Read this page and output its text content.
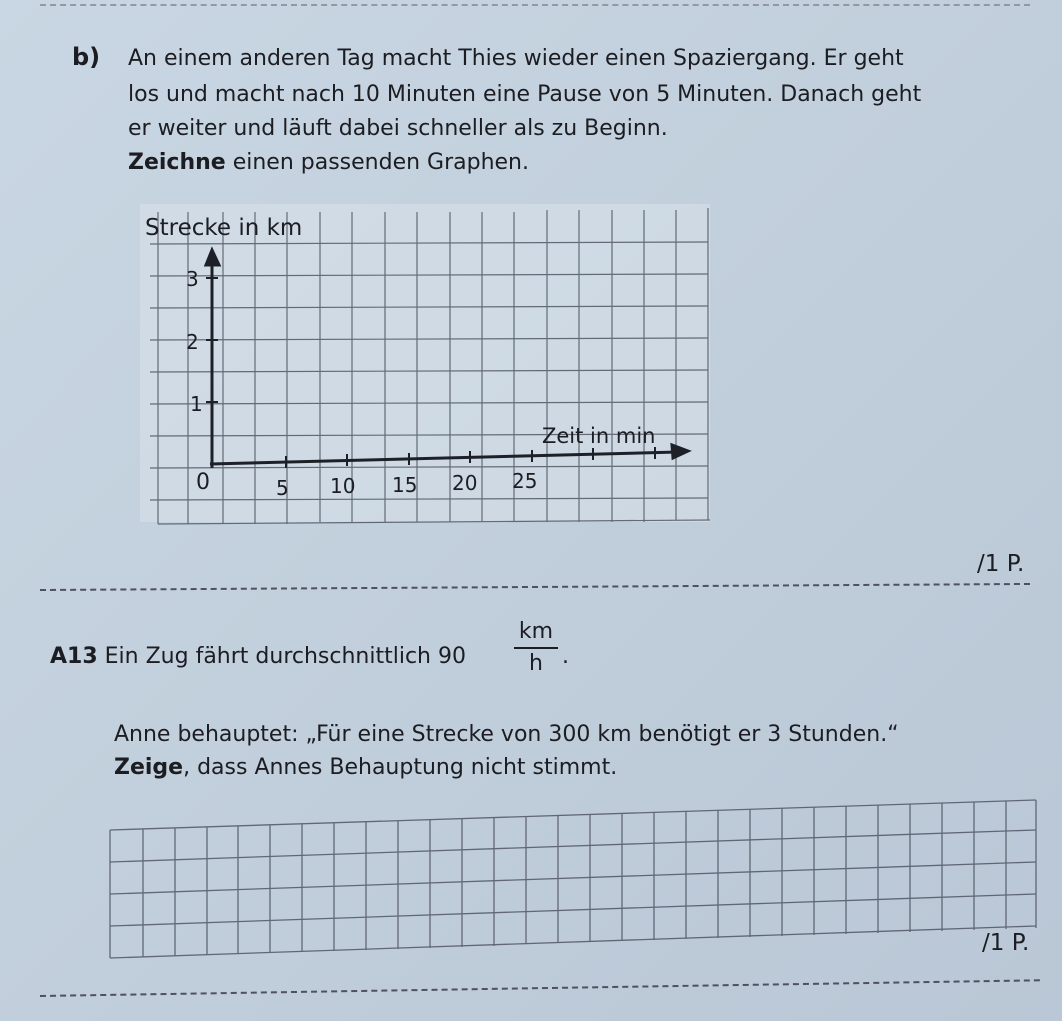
b) An einem anderen Tag macht Thies wieder einen Spaziergang. Er geht
los und macht nach 10 Minuten eine Pause von 5 Minuten. Danach geht
er weiter und läuft dabei schneller als zu Beginn.
Zeichne einen passenden Graphen.
Strecke in km
3
2
1
Zeit in min
0	5 10 15 20 25
/1 P.
A13 Ein Zug fährt durchschnittlich 90
km
h .
Anne behauptet: „Für eine Strecke von 300 km benötigt er 3 Stunden.“
Zeige, dass Annes Behauptung nicht stimmt.
/1 P.
